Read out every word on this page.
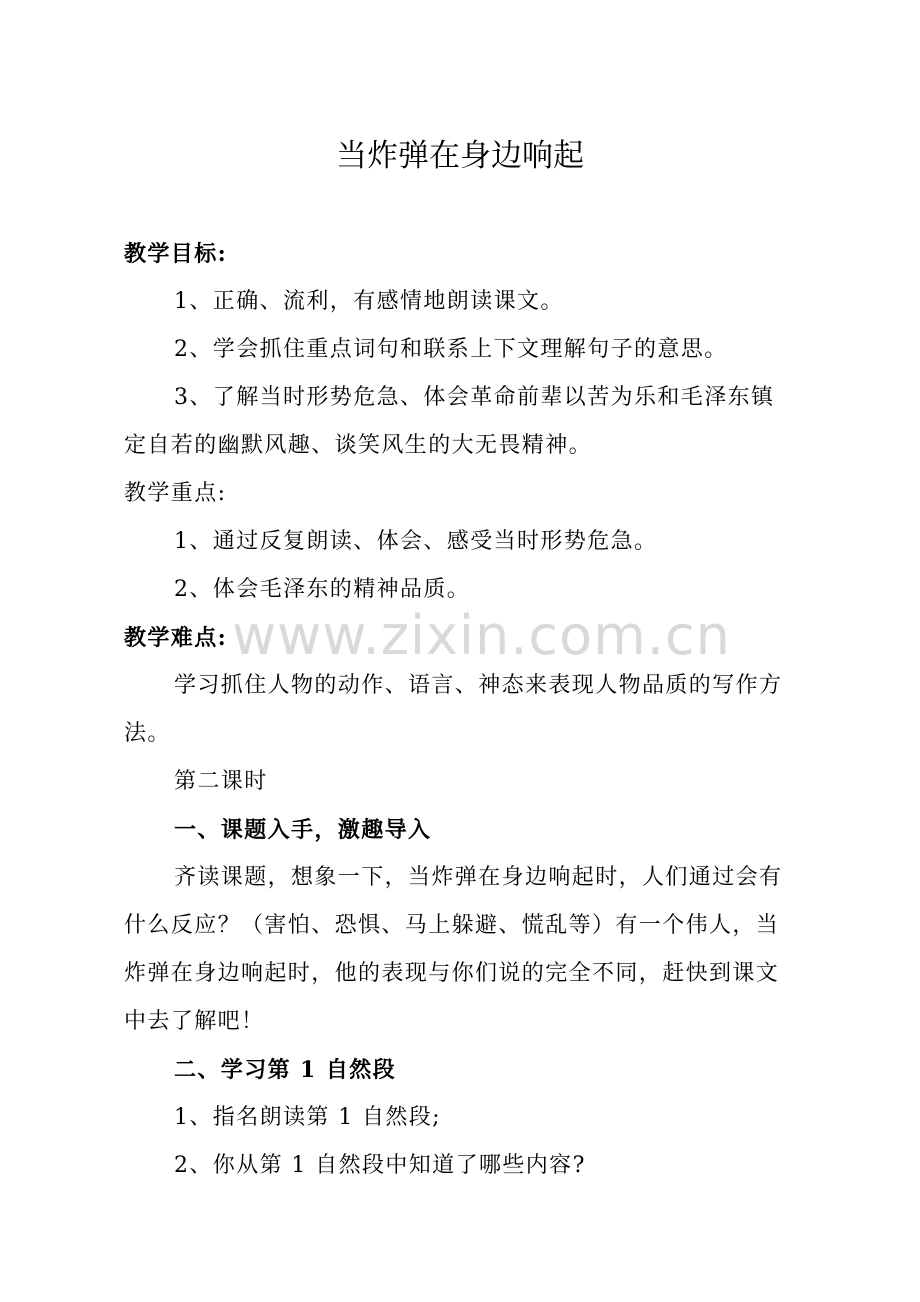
www.zixin.com.cn
当炸弹在身边响起
教学目标:
1、正确、流利，有感情地朗读课文。
2、学会抓住重点词句和联系上下文理解句子的意思。
3、了解当时形势危急、体会革命前辈以苦为乐和毛泽东镇
定自若的幽默风趣、谈笑风生的大无畏精神。
教学重点:
1、通过反复朗读、体会、感受当时形势危急。
2、体会毛泽东的精神品质。
教学难点:
学习抓住人物的动作、语言、神态来表现人物品质的写作方
法。
第二课时
一、课题入手，激趣导入
齐读课题，想象一下，当炸弹在身边响起时，人们通过会有
什么反应？（害怕、恐惧、马上躲避、慌乱等）有一个伟人，当
炸弹在身边响起时，他的表现与你们说的完全不同，赶快到课文
中去了解吧！
二、学习第 1 自然段
1、指名朗读第 1 自然段;
2、你从第 1 自然段中知道了哪些内容?
